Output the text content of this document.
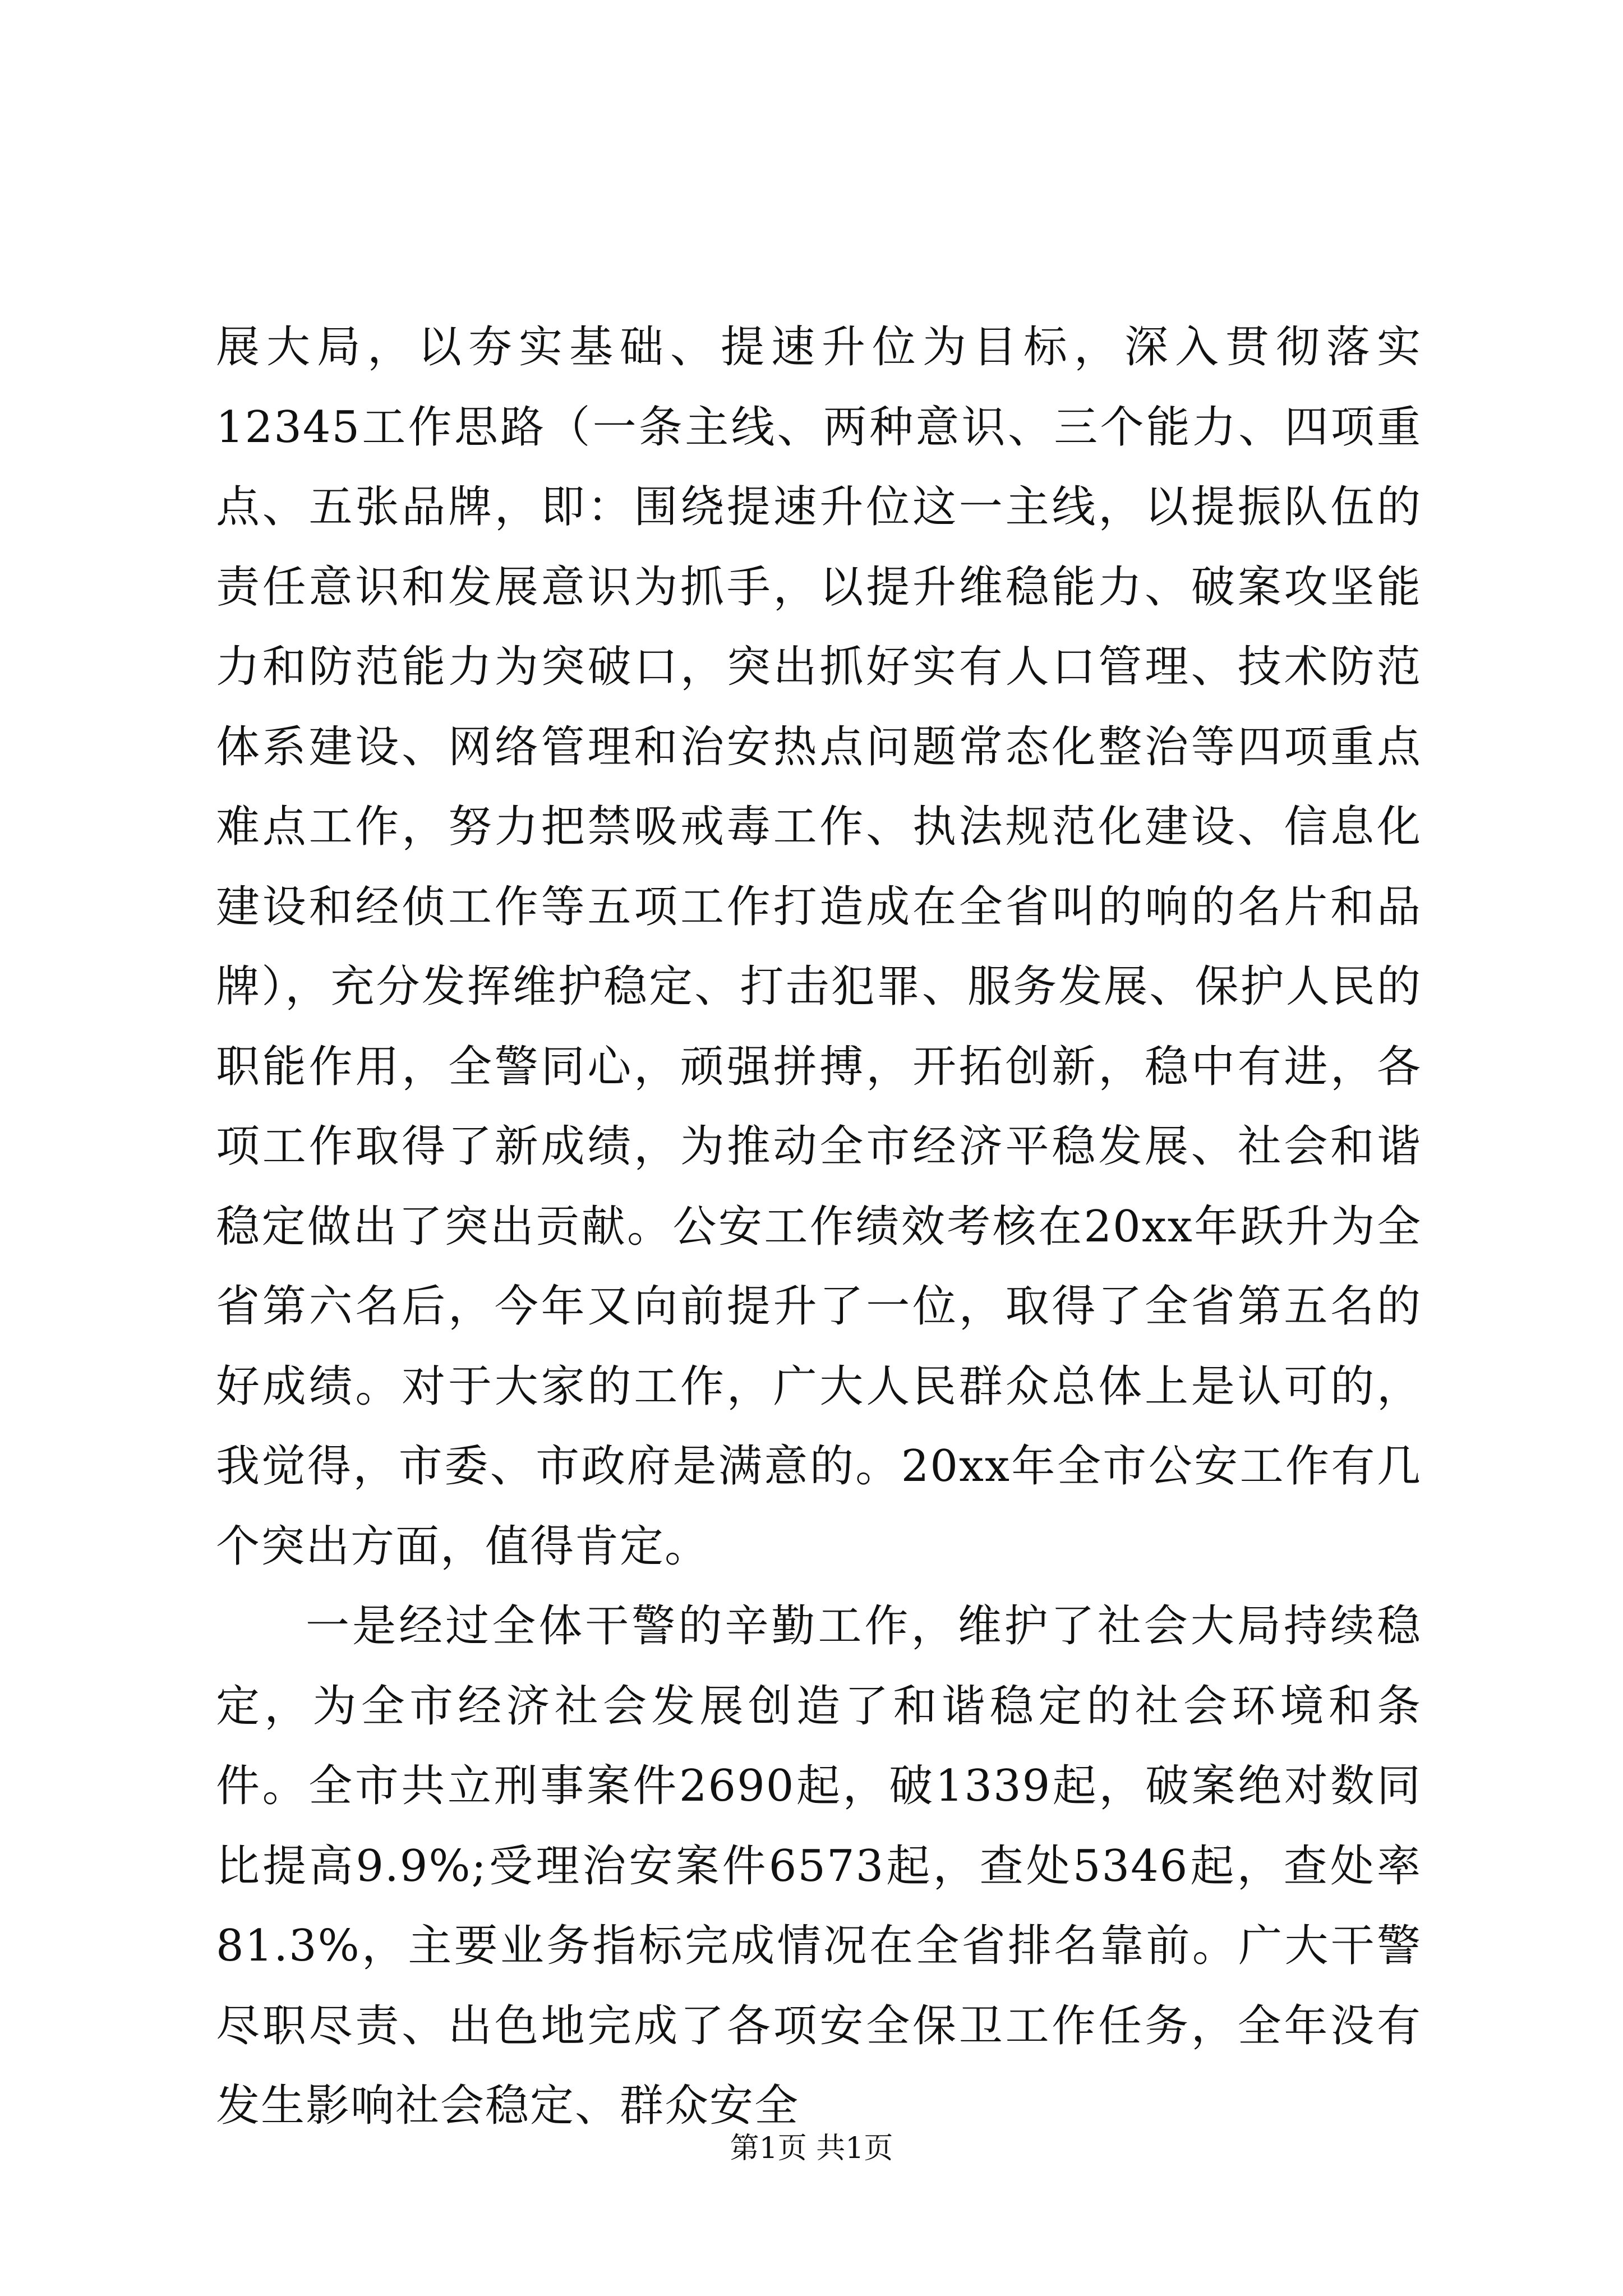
展大局，以夯实基础、提速升位为目标，深入贯彻落实12345工作思路（一条主线、两种意识、三个能力、四项重点、五张品牌，即：围绕提速升位这一主线，以提振队伍的责任意识和发展意识为抓手，以提升维稳能力、破案攻坚能力和防范能力为突破口，突出抓好实有人口管理、技术防范体系建设、网络管理和治安热点问题常态化整治等四项重点难点工作，努力把禁吸戒毒工作、执法规范化建设、信息化建设和经侦工作等五项工作打造成在全省叫的响的名片和品牌），充分发挥维护稳定、打击犯罪、服务发展、保护人民的职能作用，全警同心，顽强拼搏，开拓创新，稳中有进，各项工作取得了新成绩，为推动全市经济平稳发展、社会和谐稳定做出了突出贡献。公安工作绩效考核在20xx年跃升为全省第六名后，今年又向前提升了一位，取得了全省第五名的好成绩。对于大家的工作，广大人民群众总体上是认可的，我觉得，市委、市政府是满意的。20xx年全市公安工作有几个突出方面，值得肯定。

一是经过全体干警的辛勤工作，维护了社会大局持续稳定，为全市经济社会发展创造了和谐稳定的社会环境和条件。全市共立刑事案件2690起，破1339起，破案绝对数同比提高9.9%;受理治安案件6573起，查处5346起，查处率81.3%，主要业务指标完成情况在全省排名靠前。广大干警尽职尽责、出色地完成了各项安全保卫工作任务，全年没有发生影响社会稳定、群众安全

第1页 共1页
